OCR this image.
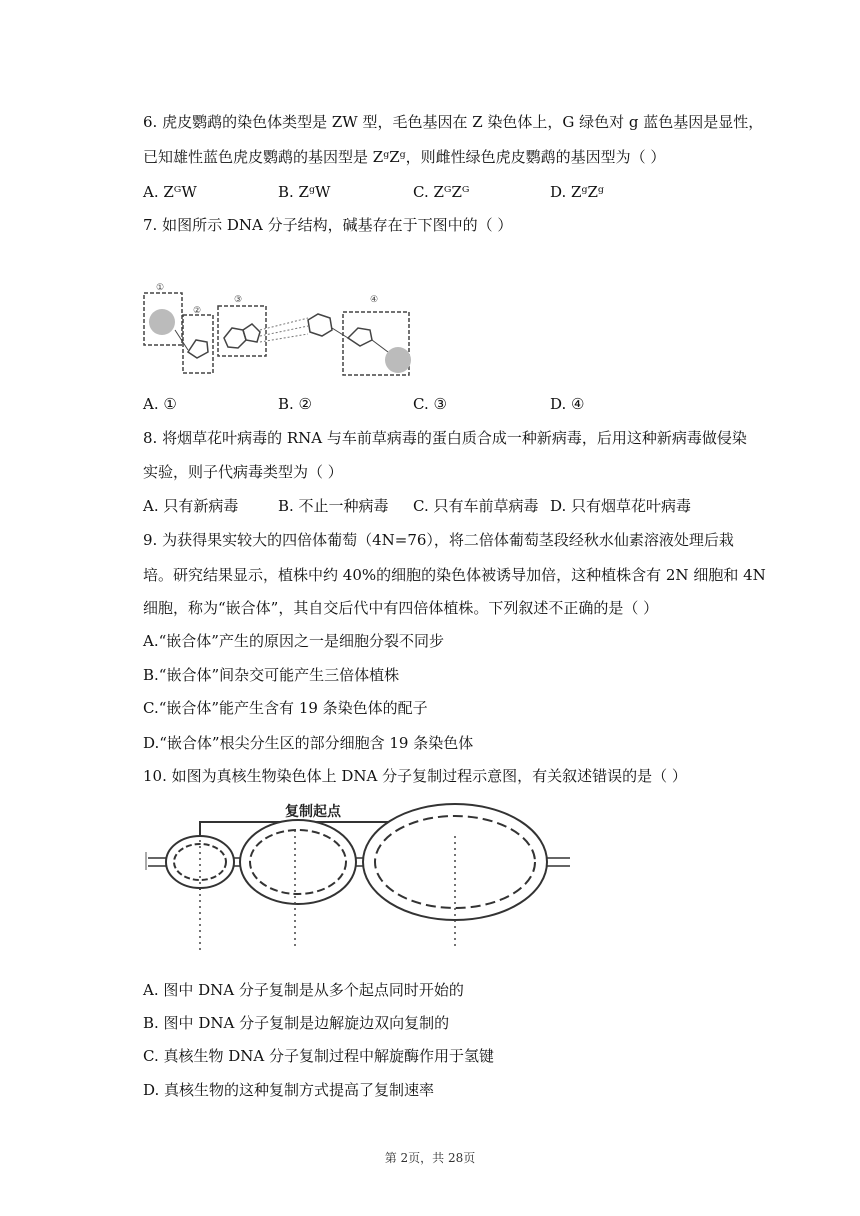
6. 虎皮鹦鹉的染色体类型是 ZW 型，毛色基因在 Z 染色体上，G 绿色对 g 蓝色基因是显性，
已知雄性蓝色虎皮鹦鹉的基因型是 ZᵍZᵍ，则雌性绿色虎皮鹦鹉的基因型为（ ）
A. ZᴳW	B. ZᵍW	C. ZᴳZᴳ	D. ZᵍZᵍ
7. 如图所示 DNA 分子结构，碱基存在于下图中的（ ）
①
②
③	④
A. ①	B. ②	C. ③	D. ④
8. 将烟草花叶病毒的 RNA 与车前草病毒的蛋白质合成一种新病毒，后用这种新病毒做侵染
实验，则子代病毒类型为（ ）
A. 只有新病毒	B. 不止一种病毒 C. 只有车前草病毒 D. 只有烟草花叶病毒
9. 为获得果实较大的四倍体葡萄（4N=76），将二倍体葡萄茎段经秋水仙素溶液处理后栽
培。研究结果显示，植株中约 40%的细胞的染色体被诱导加倍，这种植株含有 2N 细胞和 4N
细胞，称为“嵌合体”，其自交后代中有四倍体植株。下列叙述不正确的是（ ）
A.“嵌合体”产生的原因之一是细胞分裂不同步
B.“嵌合体”间杂交可能产生三倍体植株
C.“嵌合体”能产生含有 19 条染色体的配子
D.“嵌合体”根尖分生区的部分细胞含 19 条染色体
10. 如图为真核生物染色体上 DNA 分子复制过程示意图，有关叙述错误的是（ ）
复制起点
A. 图中 DNA 分子复制是从多个起点同时开始的
B. 图中 DNA 分子复制是边解旋边双向复制的
C. 真核生物 DNA 分子复制过程中解旋酶作用于氢键
D. 真核生物的这种复制方式提高了复制速率
第 2页，共 28页
